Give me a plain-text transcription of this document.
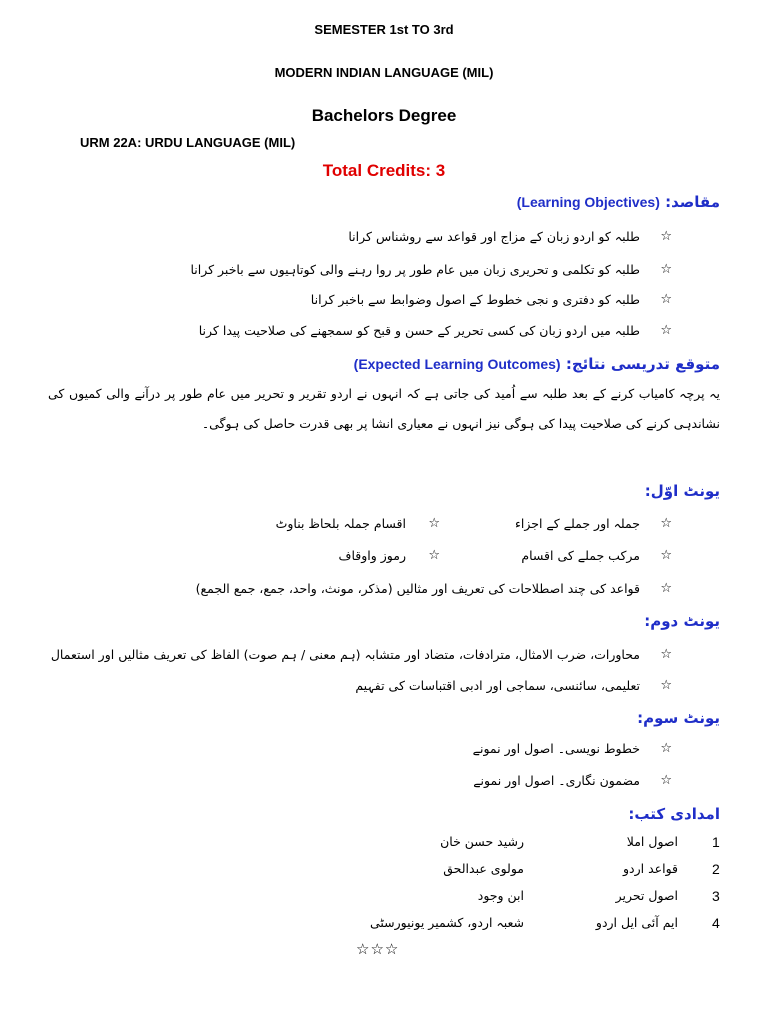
SEMESTER 1st TO 3rd
MODERN INDIAN LANGUAGE (MIL)
Bachelors Degree
URM 22A: URDU LANGUAGE (MIL)
Total Credits: 3
مقاصد: (Learning Objectives)
☆
طلبہ کو اردو زبان کے مزاج اور قواعد سے روشناس کرانا
☆
طلبہ کو تکلمی و تحریری زبان میں عام طور پر روا رہنے والی کوتاہیوں سے باخبر کرانا
☆
طلبہ کو دفتری و نجی خطوط کے اصول وضوابط سے باخبر کرانا
☆
طلبہ میں اردو زبان کی کسی تحریر کے حسن و قبح کو سمجھنے کی صلاحیت پیدا کرنا
متوقع تدریسی نتائج: (Expected Learning Outcomes)
یہ پرچہ کامیاب کرنے کے بعد طلبہ سے اُمید کی جاتی ہے کہ انہوں نے اردو تقریر و تحریر میں عام طور پر درآنے والی کمیوں کی نشاندہی کرنے کی صلاحیت پیدا کی ہوگی نیز انہوں نے معیاری انشا پر بھی قدرت حاصل کی ہوگی۔
یونٹ اوّل:
☆
جملہ اور جملے کے اجزاء
☆
اقسام جملہ بلحاظ بناوٹ
☆
مرکب جملے کی اقسام
☆
رموز واوقاف
☆
قواعد کی چند اصطلاحات کی تعریف اور مثالیں (مذکر، مونث، واحد، جمع، جمع الجمع)
یونٹ دوم:
☆
محاورات، ضرب الامثال، مترادفات، متضاد اور متشابہ (ہم معنی / ہم صوت) الفاظ کی تعریف مثالیں اور استعمال
☆
تعلیمی، سائنسی، سماجی اور ادبی اقتباسات کی تفہیم
یونٹ سوم:
☆
خطوط نویسی۔ اصول اور نمونے
☆
مضمون نگاری۔ اصول اور نمونے
امدادی کتب:
1
اصول املا
رشید حسن خان
2
قواعد اردو
مولوی عبدالحق
3
اصول تحریر
ابن وجود
4
ایم آئی ایل اردو
شعبہ اردو، کشمیر یونیورسٹی
☆☆☆
